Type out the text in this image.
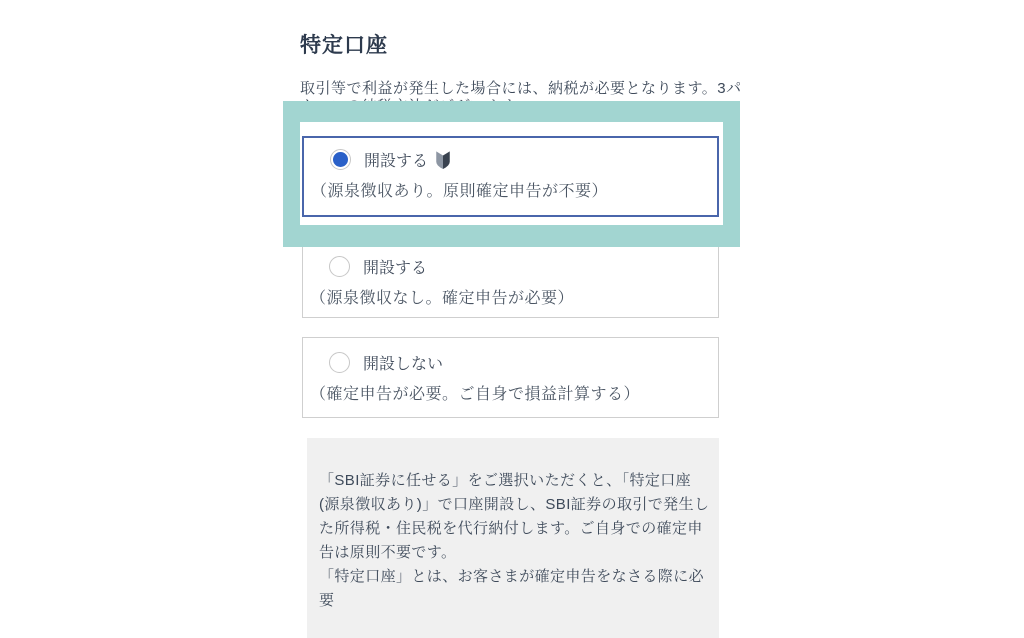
特定口座
取引等で利益が発生した場合には、納税が必要となります。3パ
開設する
（源泉徴収あり。原則確定申告が不要）
開設する
（源泉徴収なし。確定申告が必要）
開設しない
（確定申告が必要。ご自身で損益計算する）

「SBI証券に任せる」をご選択いただくと、「特定口座(源泉徴収あり)」で口座開設し、SBI証券の取引で発生した所得税・住民税を代行納付します。ご自身での確定申告は原則不要です。

「特定口座」とは、お客さまが確定申告をなさる際に必要
